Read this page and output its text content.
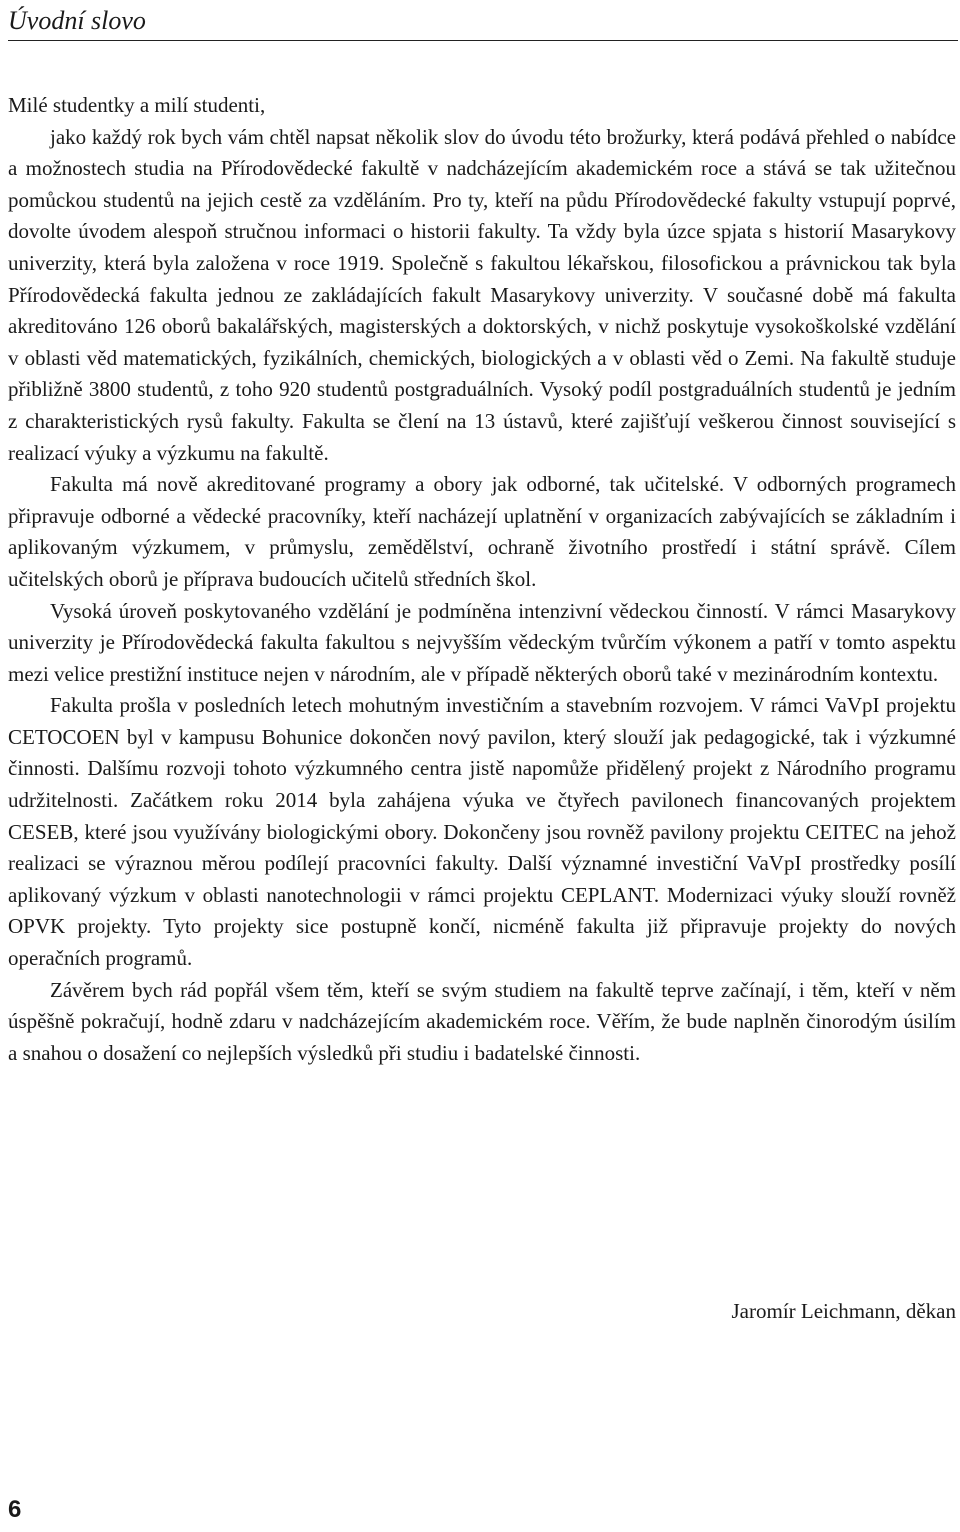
Úvodní slovo

Milé studentky a milí studenti,

jako každý rok bych vám chtěl napsat několik slov do úvodu této brožurky, která podává přehled o nabídce a možnostech studia na Přírodovědecké fakultě v nadcházejícím akademickém roce a stává se tak užitečnou pomůckou studentů na jejich cestě za vzděláním. Pro ty, kteří na půdu Přírodovědecké fakulty vstupují poprvé, dovolte úvodem alespoň stručnou informaci o historii fakulty. Ta vždy byla úzce spjata s historií Masarykovy univerzity, která byla založena v roce 1919. Společně s fakultou lékařskou, filosofickou a právnickou tak byla Přírodovědecká fakulta jednou ze zakládajících fakult Masarykovy univerzity. V současné době má fakulta akreditováno 126 oborů bakalářských, magisterských a doktorských, v nichž poskytuje vysokoškolské vzdělání v oblasti věd matematických, fyzikálních, chemických, biologických a v oblasti věd o Zemi. Na fakultě studuje přibližně 3800 studentů, z toho 920 studentů postgraduálních. Vysoký podíl postgraduálních studentů je jedním z charakteristických rysů fakulty. Fakulta se člení na 13 ústavů, které zajišťují veškerou činnost související s realizací výuky a výzkumu na fakultě.

Fakulta má nově akreditované programy a obory jak odborné, tak učitelské. V odborných programech připravuje odborné a vědecké pracovníky, kteří nacházejí uplatnění v organizacích zabývajících se základním i aplikovaným výzkumem, v průmyslu, zemědělství, ochraně životního prostředí i státní správě. Cílem učitelských oborů je příprava budoucích učitelů středních škol.

Vysoká úroveň poskytovaného vzdělání je podmíněna intenzivní vědeckou činností. V rámci Masarykovy univerzity je Přírodovědecká fakulta fakultou s nejvyšším vědeckým tvůrčím výkonem a patří v tomto aspektu mezi velice prestižní instituce nejen v národním, ale v případě některých oborů také v mezinárodním kontextu.

Fakulta prošla v posledních letech mohutným investičním a stavebním rozvojem. V rámci VaVpI projektu CETOCOEN byl v kampusu Bohunice dokončen nový pavilon, který slouží jak pedagogické, tak i výzkumné činnosti. Dalšímu rozvoji tohoto výzkumného centra jistě napomůže přidělený projekt z Národního programu udržitelnosti. Začátkem roku 2014 byla zahájena výuka ve čtyřech pavilonech financovaných projektem CESEB, které jsou využívány biologickými obory. Dokončeny jsou rovněž pavilony projektu CEITEC na jehož realizaci se výraznou měrou podílejí pracovníci fakulty. Další významné investiční VaVpI prostředky posílí aplikovaný výzkum v oblasti nanotechnologii v rámci projektu CEPLANT. Modernizaci výuky slouží rovněž OPVK projekty. Tyto projekty sice postupně končí, nicméně fakulta již připravuje projekty do nových operačních programů.

Závěrem bych rád popřál všem těm, kteří se svým studiem na fakultě teprve začínají, i těm, kteří v něm úspěšně pokračují, hodně zdaru v nadcházejícím akademickém roce. Věřím, že bude naplněn činorodým úsilím a snahou o dosažení co nejlepších výsledků při studiu i badatelské činnosti.

Jaromír Leichmann, děkan
6
